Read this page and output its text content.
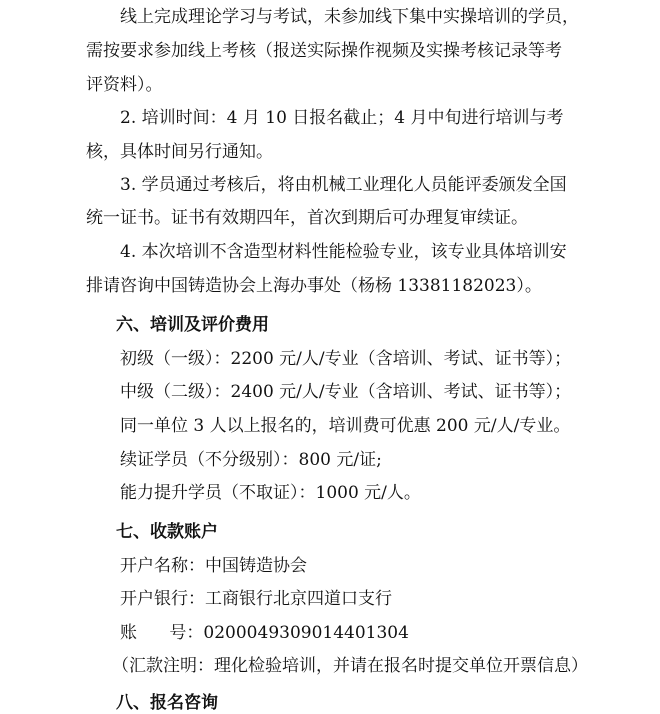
线上完成理论学习与考试，未参加线下集中实操培训的学员，
需按要求参加线上考核（报送实际操作视频及实操考核记录等考
评资料）。
2. 培训时间：4 月 10 日报名截止；4 月中旬进行培训与考
核，具体时间另行通知。
3. 学员通过考核后，将由机械工业理化人员能评委颁发全国
统一证书。证书有效期四年，首次到期后可办理复审续证。
4. 本次培训不含造型材料性能检验专业，该专业具体培训安
排请咨询中国铸造协会上海办事处（杨杨 13381182023）。
六、培训及评价费用
初级（一级）：2200 元/人/专业（含培训、考试、证书等）；
中级（二级）：2400 元/人/专业（含培训、考试、证书等）；
同一单位 3 人以上报名的，培训费可优惠 200 元/人/专业。
续证学员（不分级别）：800 元/证;
能力提升学员（不取证）：1000 元/人。
七、收款账户
开户名称：中国铸造协会
开户银行：工商银行北京四道口支行
账      号：0200049309014401304
（汇款注明：理化检验培训，并请在报名时提交单位开票信息）
八、报名咨询
